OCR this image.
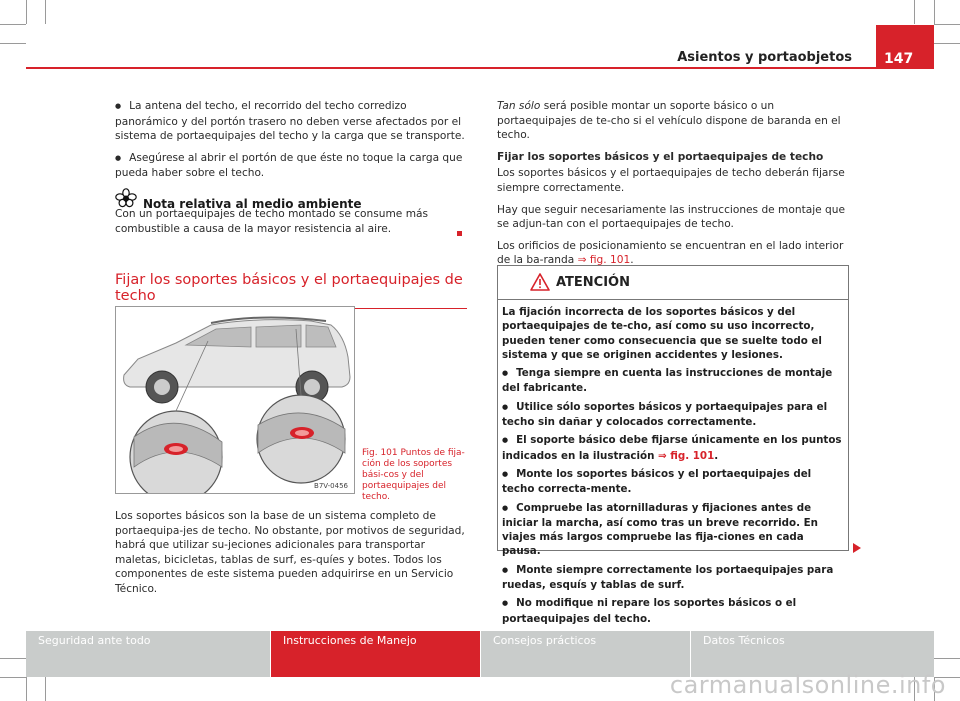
Asientos y portaobjetos	147

● La antena del techo, el recorrido del techo corredizo panorámico y del portón trasero no deben verse afectados por el sistema de portaequipajes del techo y la carga que se transporte.

● Asegúrese al abrir el portón de que éste no toque la carga que pueda haber sobre el techo.

Nota relativa al medio ambiente
Con un portaequipajes de techo montado se consume más combustible a causa de la mayor resistencia al aire.
Fijar los soportes básicos y el portaequipajes de techo
B7V-0456
Fig. 101 Puntos de fija-ción de los soportes bási-cos y del portaequipajes del techo.
Los soportes básicos son la base de un sistema completo de portaequipa-jes de techo. No obstante, por motivos de seguridad, habrá que utilizar su-jeciones adicionales para transportar maletas, bicicletas, tablas de surf, es-quíes y botes. Todos los componentes de este sistema pueden adquirirse en un Servicio Técnico.

Tan sólo será posible montar un soporte básico o un portaequipajes de te-cho si el vehículo dispone de baranda en el techo.

Fijar los soportes básicos y el portaequipajes de techo

Los soportes básicos y el portaequipajes de techo deberán fijarse siempre correctamente.

Hay que seguir necesariamente las instrucciones de montaje que se adjun-tan con el portaequipajes de techo.

Los orificios de posicionamiento se encuentran en el lado interior de la ba-randa ⇒ fig. 101.

ATENCIÓN

La fijación incorrecta de los soportes básicos y del portaequipajes de te-cho, así como su uso incorrecto, pueden tener como consecuencia que se suelte todo el sistema y que se originen accidentes y lesiones.

● Tenga siempre en cuenta las instrucciones de montaje del fabricante.

● Utilice sólo soportes básicos y portaequipajes para el techo sin dañar y colocados correctamente.

● El soporte básico debe fijarse únicamente en los puntos indicados en la ilustración ⇒ fig. 101.

● Monte los soportes básicos y el portaequipajes del techo correcta-mente.

● Compruebe las atornilladuras y fijaciones antes de iniciar la marcha, así como tras un breve recorrido. En viajes más largos compruebe las fija-ciones en cada pausa.

● Monte siempre correctamente los portaequipajes para ruedas, esquís y tablas de surf.

● No modifique ni repare los soportes básicos o el portaequipajes del techo.

Seguridad ante todo	Instrucciones de Manejo	Consejos prácticos	Datos Técnicos
carmanualsonline.info
